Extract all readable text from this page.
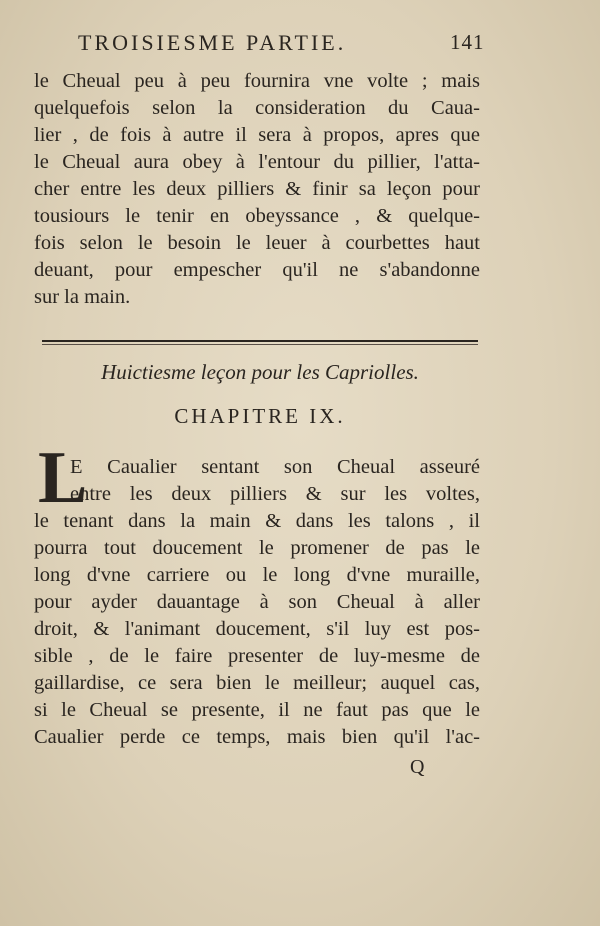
TROISIESME PARTIE.	141
le Cheual peu à peu fournira vne volte ; mais
quelquefois selon la consideration du Caua-
lier , de fois à autre il sera à propos, apres que
le Cheual aura obey à l'entour du pillier, l'atta-
cher entre les deux pilliers & finir sa leçon pour
tousiours le tenir en obeyssance , & quelque-
fois selon le besoin le leuer à courbettes haut
deuant, pour empescher qu'il ne s'abandonne
sur la main.
Huictiesme leçon pour les Capriolles.
CHAPITRE IX.
L
E Caualier sentant son Cheual asseuré
entre les deux pilliers & sur les voltes,
le tenant dans la main & dans les talons , il
pourra tout doucement le promener de pas le
long d'vne carriere ou le long d'vne muraille,
pour ayder dauantage à son Cheual à aller
droit, & l'animant doucement, s'il luy est pos-
sible , de le faire presenter de luy-mesme de
gaillardise, ce sera bien le meilleur; auquel cas,
si le Cheual se presente, il ne faut pas que le
Caualier perde ce temps, mais bien qu'il l'ac-
Q
